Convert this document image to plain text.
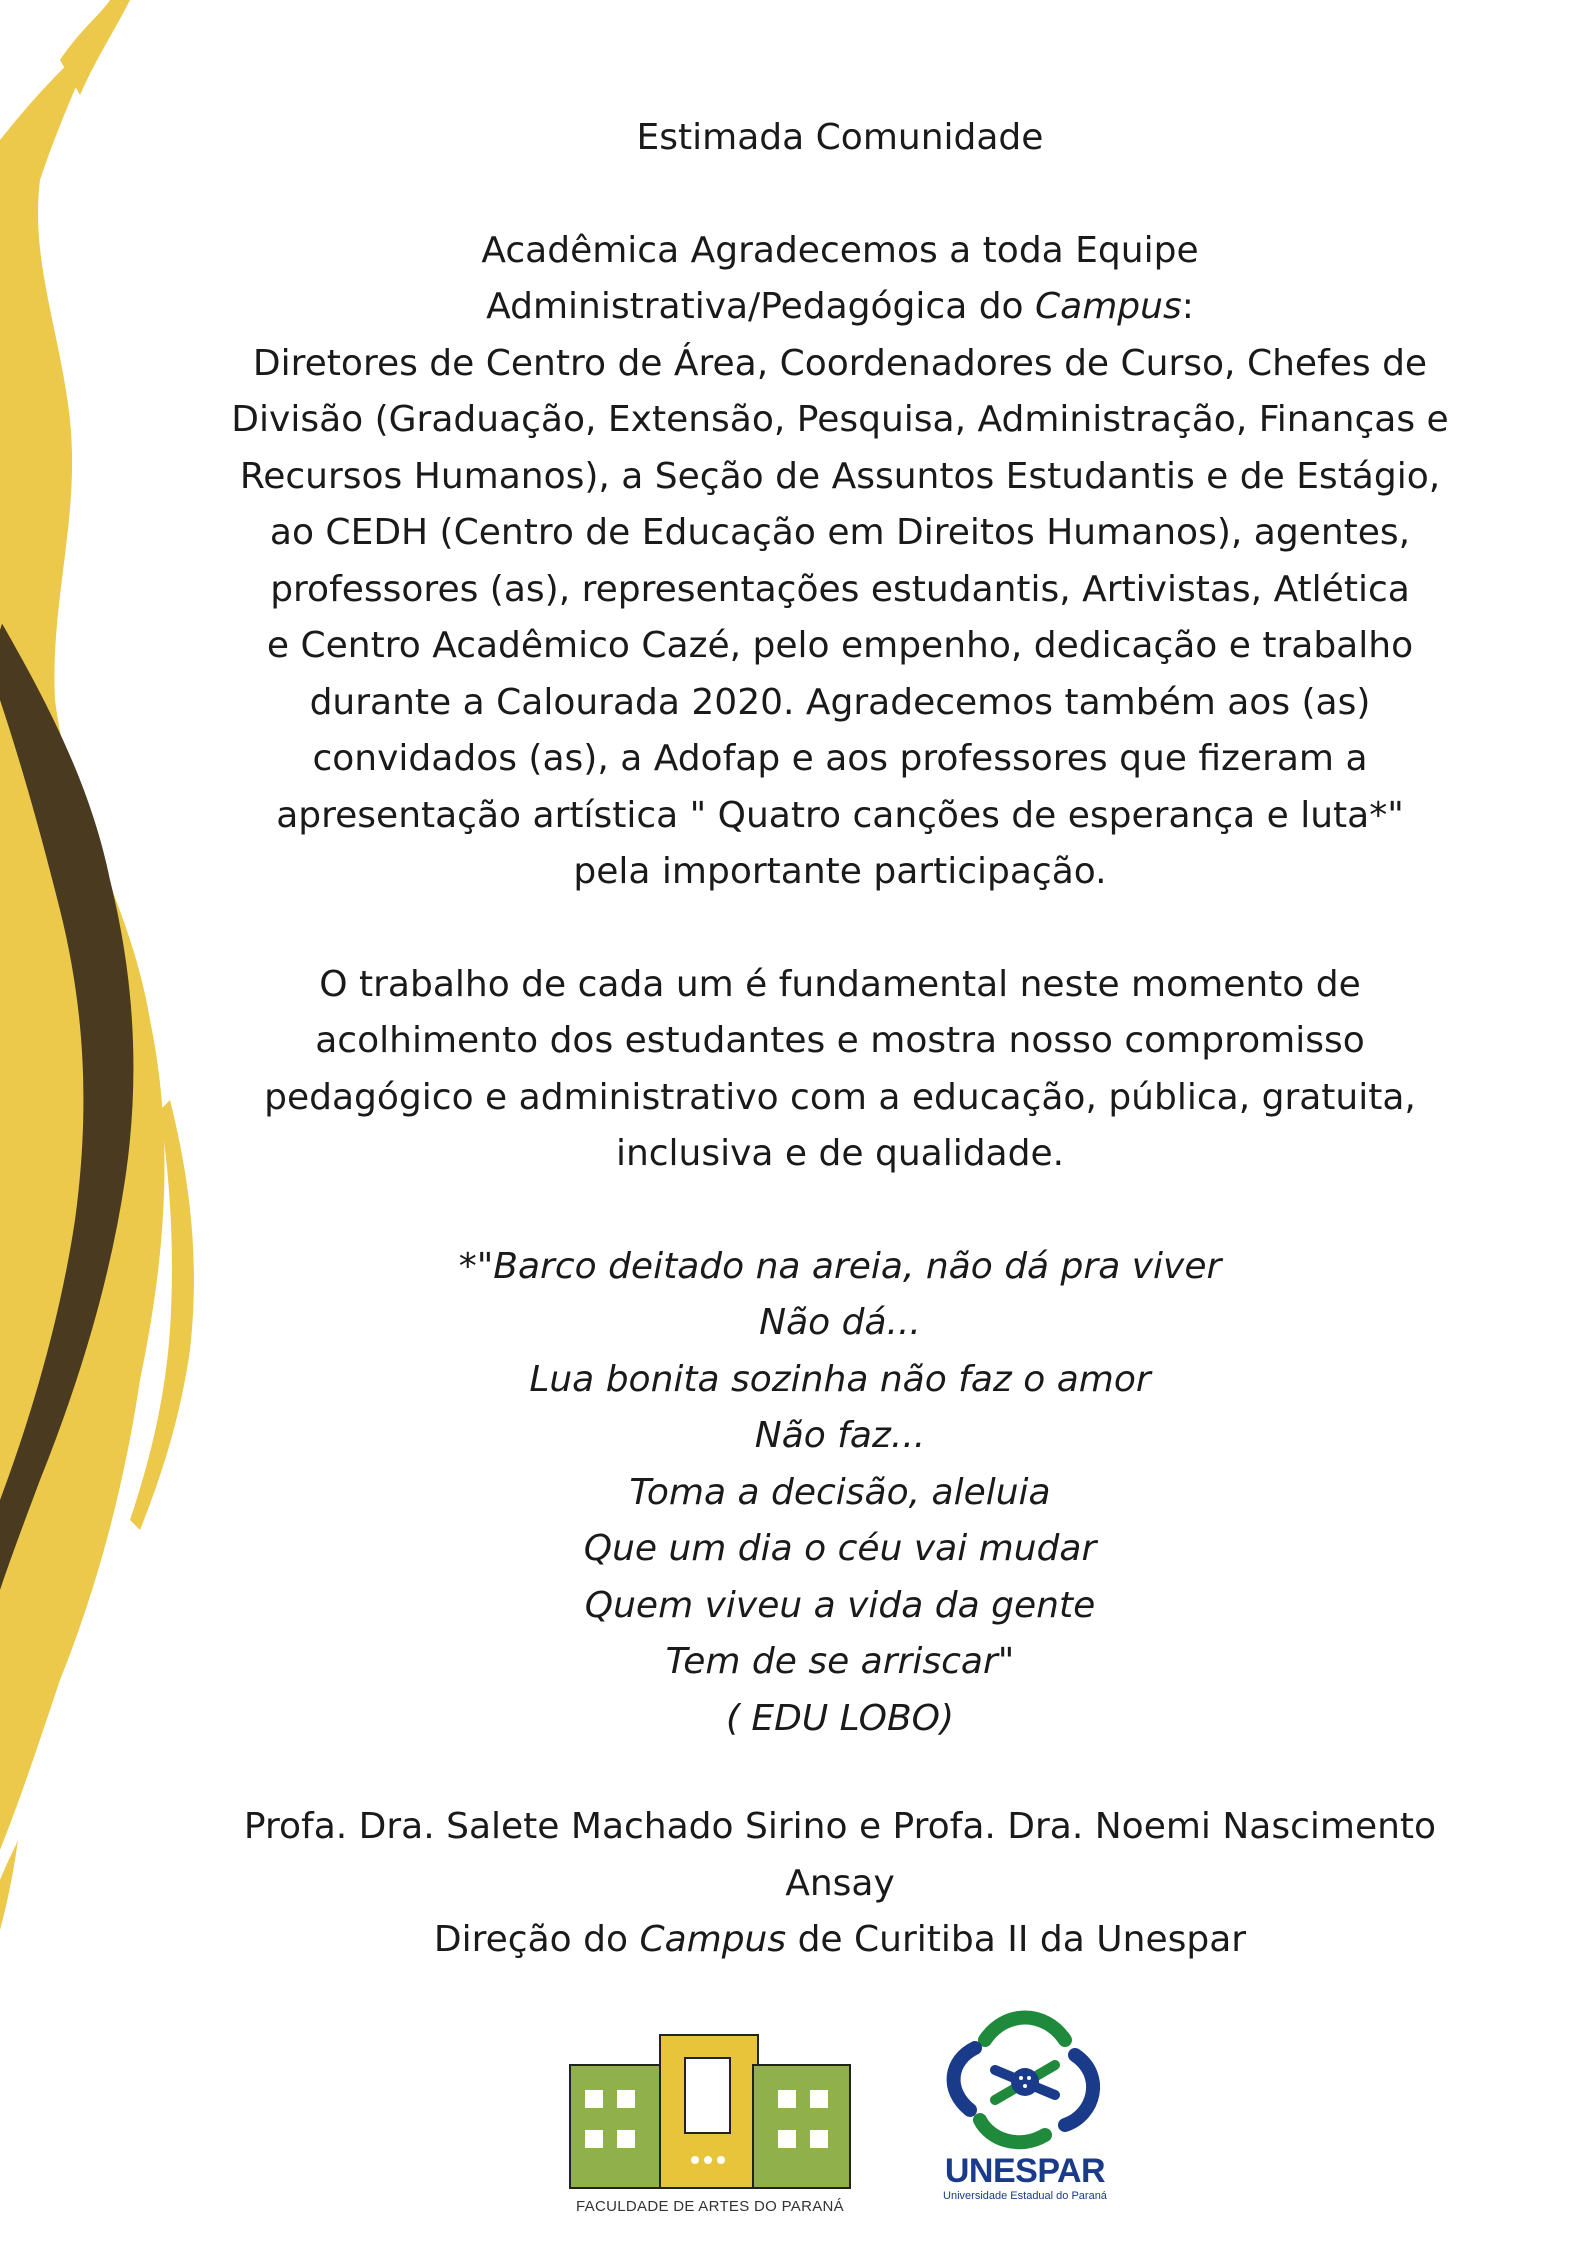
Estimada Comunidade

Acadêmica Agradecemos a toda Equipe

Administrativa/Pedagógica do Campus:

Diretores de Centro de Área, Coordenadores de Curso, Chefes de

Divisão (Graduação, Extensão, Pesquisa, Administração, Finanças e

Recursos Humanos), a Seção de Assuntos Estudantis e de Estágio,

ao CEDH (Centro de Educação em Direitos Humanos), agentes,

professores (as), representações estudantis, Artivistas, Atlética

e Centro Acadêmico Cazé, pelo empenho, dedicação e trabalho

durante a Calourada 2020. Agradecemos também aos (as)

convidados (as), a Adofap e aos professores que fizeram a

apresentação artística " Quatro canções de esperança e luta*"

pela importante participação.

O trabalho de cada um é fundamental neste momento de

acolhimento dos estudantes e mostra nosso compromisso

pedagógico e administrativo com a educação, pública, gratuita,

inclusiva e de qualidade.

*"Barco deitado na areia, não dá pra viver

Não dá...

Lua bonita sozinha não faz o amor

Não faz...

Toma a decisão, aleluia

Que um dia o céu vai mudar

Quem viveu a vida da gente

Tem de se arriscar"

( EDU LOBO)

Profa. Dra. Salete Machado Sirino e Profa. Dra. Noemi Nascimento Ansay

Direção do Campus de Curitiba II da Unespar

FACULDADE DE ARTES DO PARANÁ
UNESPAR
Universidade Estadual do Paraná
